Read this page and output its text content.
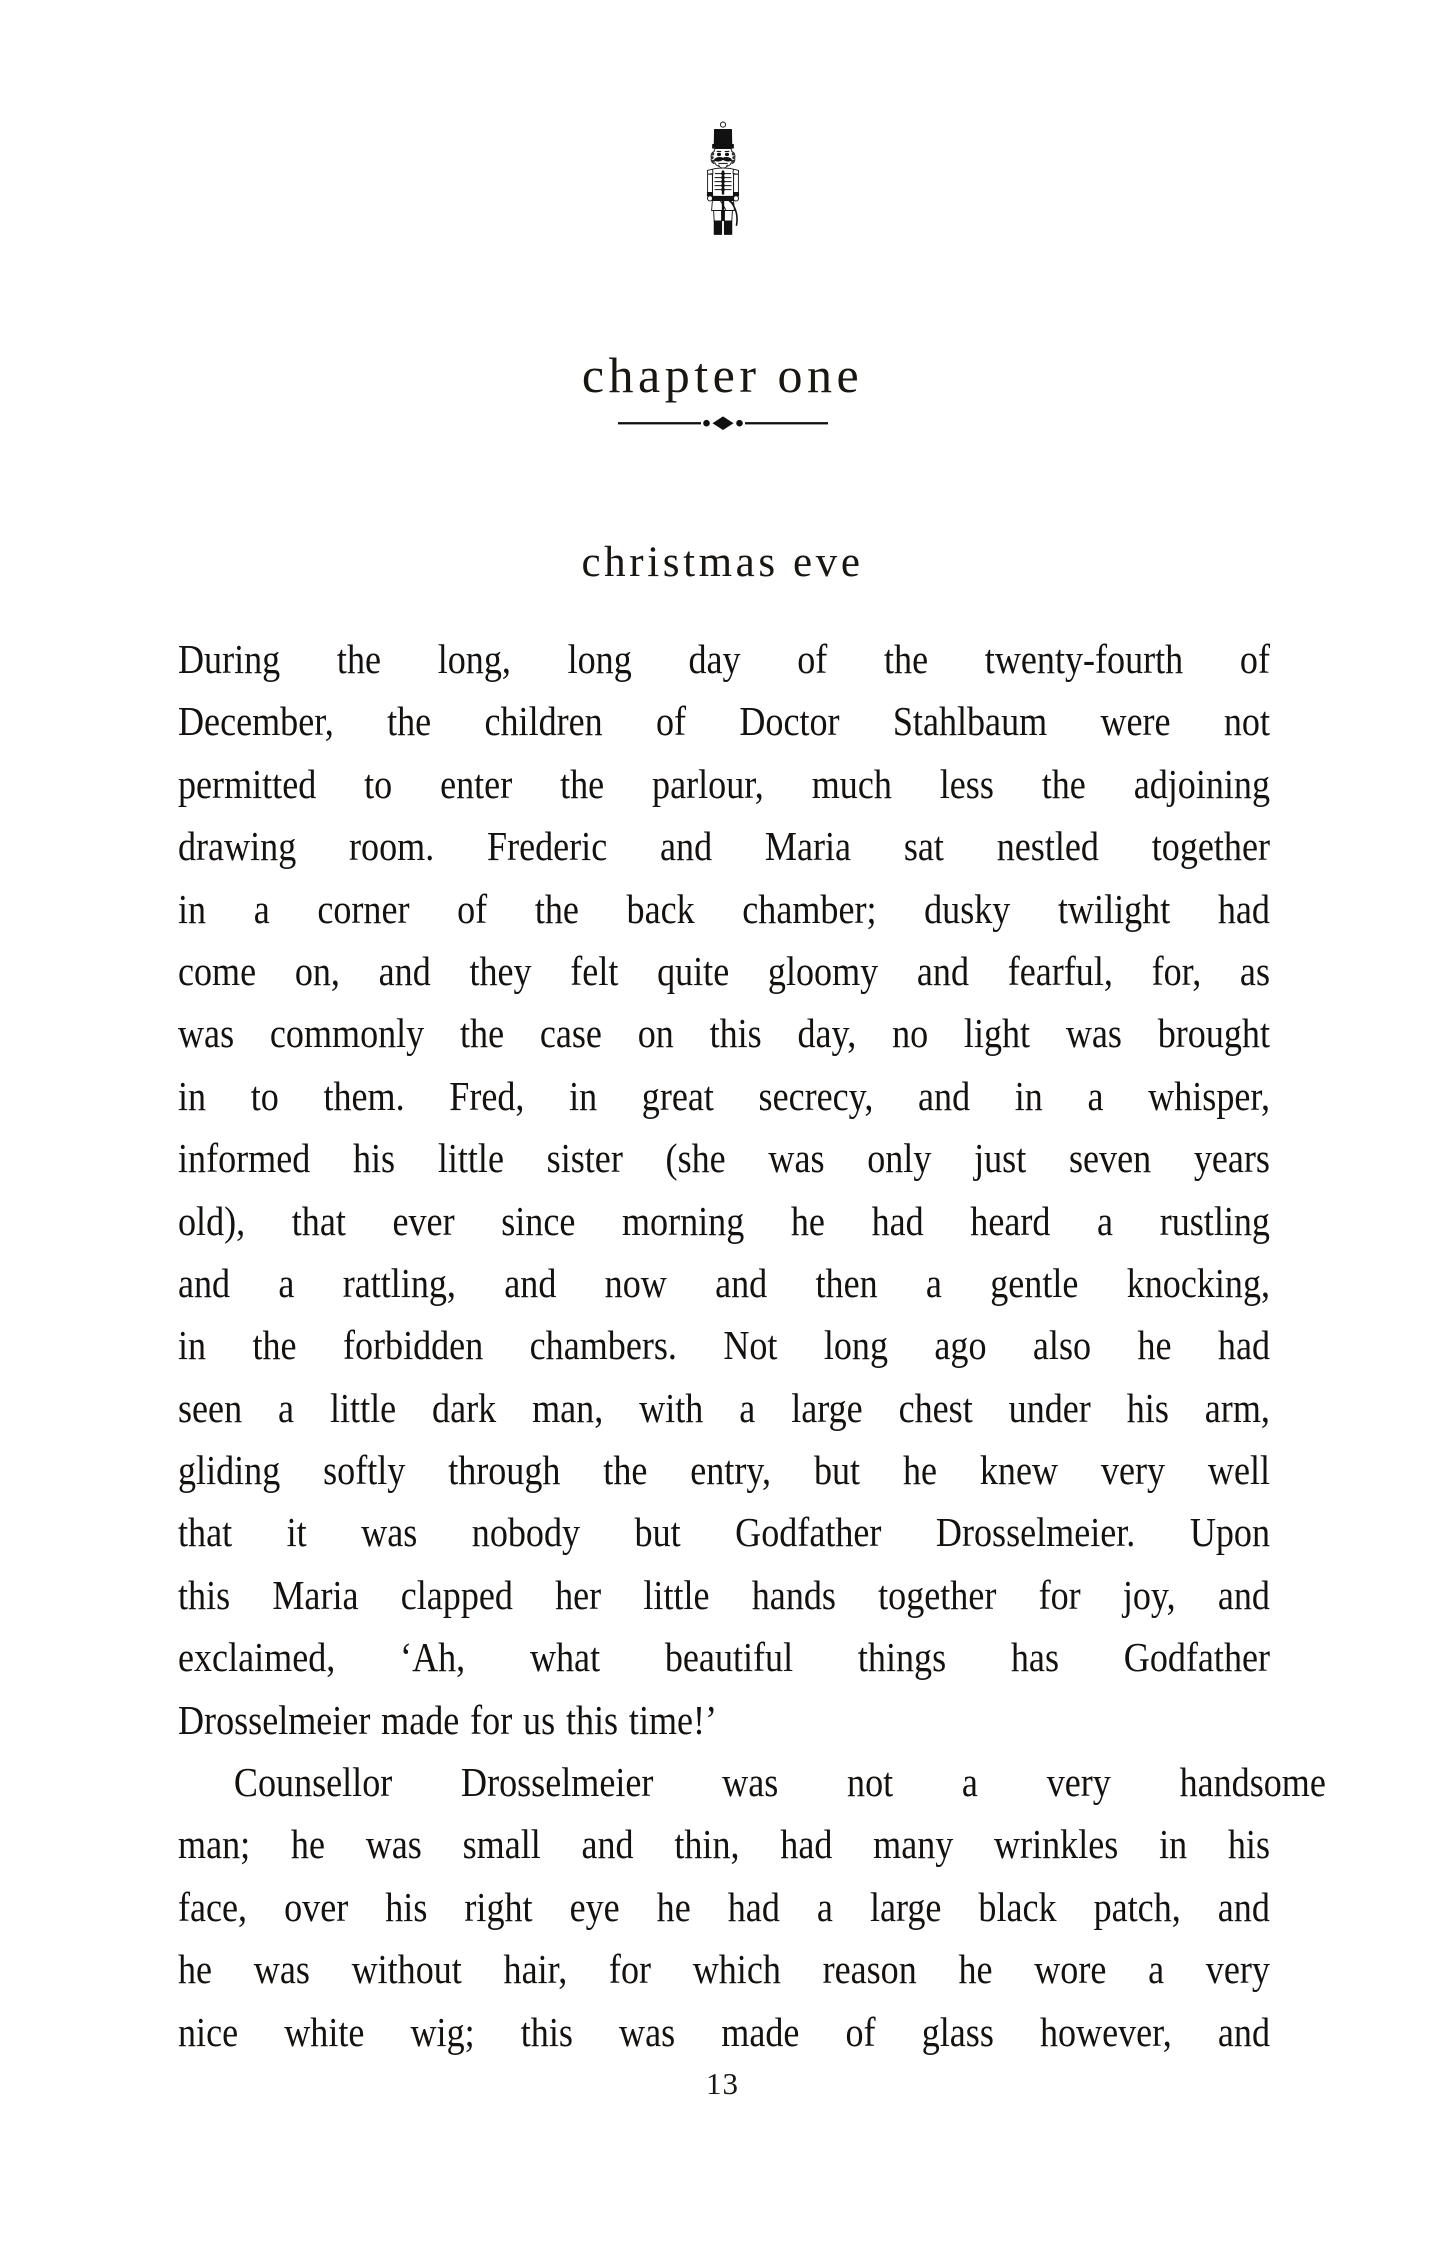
chapter one
christmas eve
During the long, long day of the twenty-fourth of
December, the children of Doctor Stahlbaum were not
permitted to enter the parlour, much less the adjoining
drawing room. Frederic and Maria sat nestled together
in a corner of the back chamber; dusky twilight had
come on, and they felt quite gloomy and fearful, for, as
was commonly the case on this day, no light was brought
in to them. Fred, in great secrecy, and in a whisper,
informed his little sister (she was only just seven years
old), that ever since morning he had heard a rustling
and a rattling, and now and then a gentle knocking,
in the forbidden chambers. Not long ago also he had
seen a little dark man, with a large chest under his arm,
gliding softly through the entry, but he knew very well
that it was nobody but Godfather Drosselmeier. Upon
this Maria clapped her little hands together for joy, and
exclaimed, ‘Ah, what beautiful things has Godfather
Drosselmeier made for us this time!’
Counsellor Drosselmeier was not a very handsome
man; he was small and thin, had many wrinkles in his
face, over his right eye he had a large black patch, and
he was without hair, for which reason he wore a very
nice white wig; this was made of glass however, and
13
